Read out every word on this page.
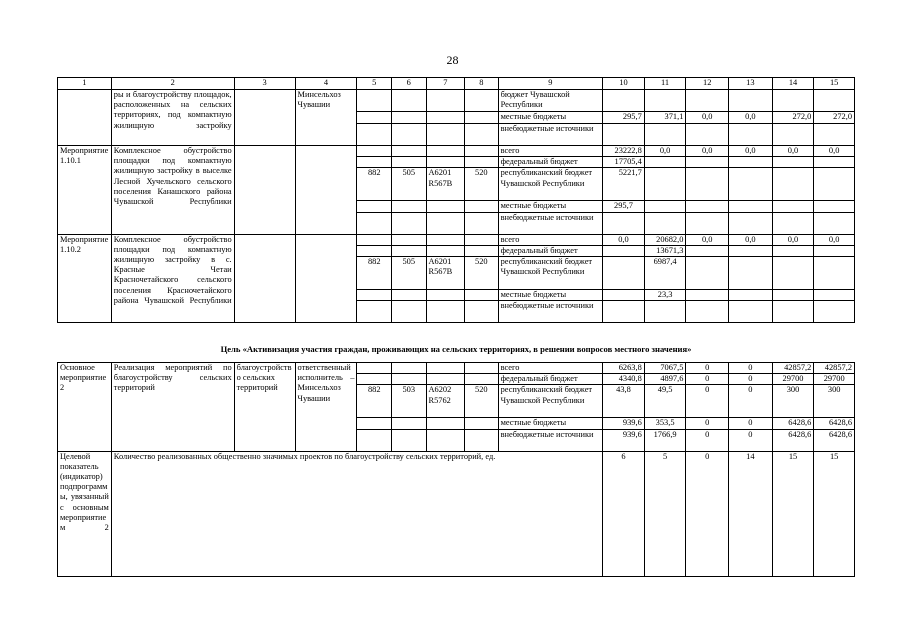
28
1	2	3	4	5	6	7	8	9	10	11	12	13	14	15
	ры и благоустройству площадок, расположенных на сельских территориях, под компактную жилищную застройку		Минсельхоз Чувашии					бюджет Чувашской Республики						
								местные бюджеты	295,7	371,1	0,0	0,0	272,0	272,0
								внебюджетные источники						
Мероприятие 1.10.1	Комплексное обустройство площадки под компактную жилищную застройку в выселке Лесной Хучельского сельского поселения Канашского района Чувашской Республики							всего	23222,8	0,0	0,0	0,0	0,0	0,0
								федеральный бюджет	17705,4					
				882	505	А6201 R567В	520	республиканский бюджет Чувашской Республики	5221,7					
								местные бюджеты	295,7					
								внебюджетные источники						
Мероприятие 1.10.2	Комплексное обустройство площадки под компактную жилищную застройку в с. Красные Четаи Красночетайского сельского поселения Красночетайского района Чувашской Республики							всего	0,0	20682,0	0,0	0,0	0,0	0,0
								федеральный бюджет		13671,3				
				882	505	А6201 R567В	520	республиканский бюджет Чувашской Республики		6987,4				
								местные бюджеты		23,3				
								внебюджетные источники						
Цель «Активизация участия граждан, проживающих на сельских территориях, в решении вопросов местного значения»
Основное мероприятие 2	Реализация мероприятий по благоустройству сельских территорий	благоустройство сельских территорий	ответственный исполнитель – Минсельхоз Чувашии					всего	6263,8	7067,5	0	0	42857,2	42857,2
								федеральный бюджет	4340,8	4897,6	0	0	29700	29700
				882	503	А6202 R5762	520	республиканский бюджет Чувашской Республики	43,8	49,5	0	0	300	300
								местные бюджеты	939,6	353,5	0	0	6428,6	6428,6
								внебюджетные источники	939,6	1766,9	0	0	6428,6	6428,6
Целевой показатель (индикатор) подпрограммы, увязанный с основным мероприятием 2	Количество реализованных общественно значимых проектов по благоустройству сельских территорий, ед.								6	5	0	14	15	15
